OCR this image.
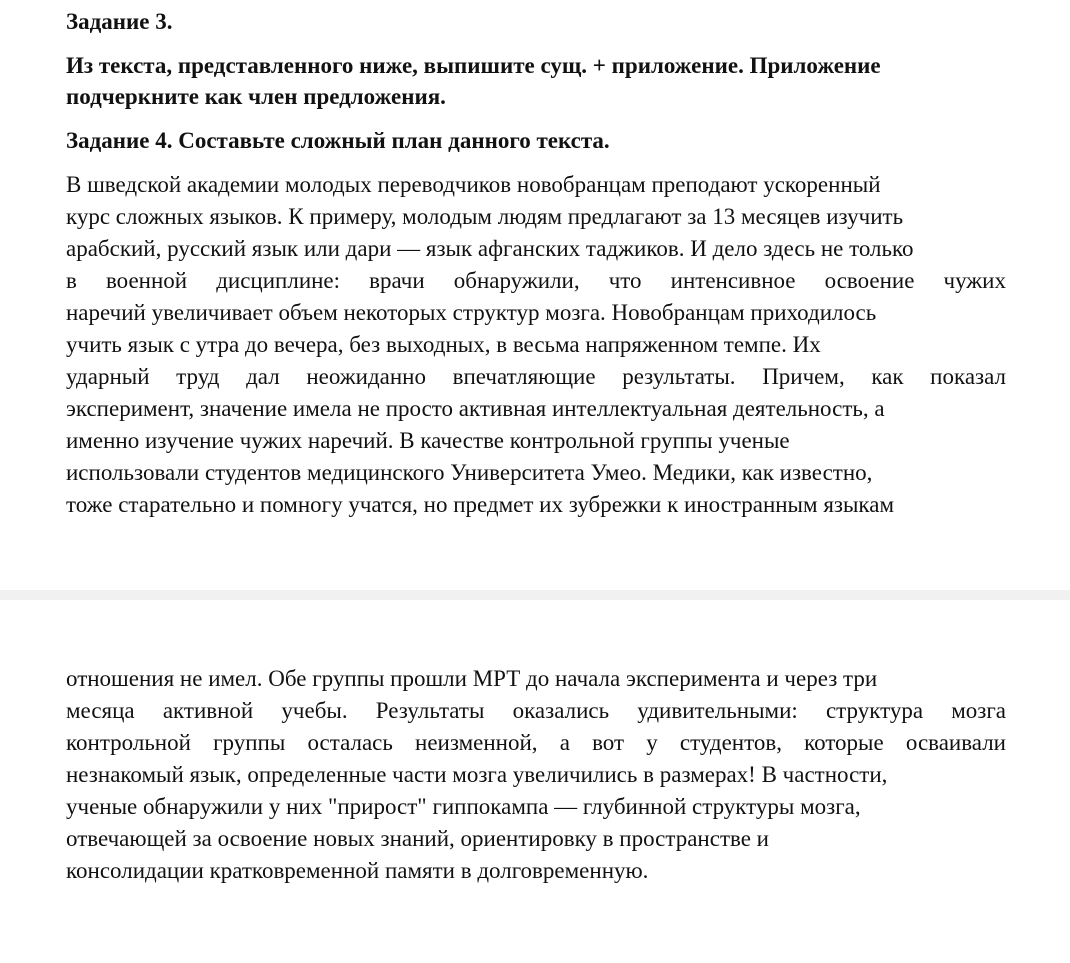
Задание 3.

Из текста, представленного ниже, выпишите сущ. + приложение. Приложение
подчеркните как член предложения.

Задание 4. Составьте сложный план данного текста.

В шведской академии молодых переводчиков новобранцам преподают ускоренный
курс сложных языков. К примеру, молодым людям предлагают за 13 месяцев изучить
арабский, русский язык или дари — язык афганских таджиков. И дело здесь не только
в военной дисциплине: врачи обнаружили, что интенсивное освоение чужих
наречий увеличивает объем некоторых структур мозга. Новобранцам приходилось
учить язык с утра до вечера, без выходных, в весьма напряженном темпе. Их
ударный труд дал неожиданно впечатляющие результаты. Причем, как показал
эксперимент, значение имела не просто активная интеллектуальная деятельность, а
именно изучение чужих наречий. В качестве контрольной группы ученые
использовали студентов медицинского Университета Умео. Медики, как известно,
тоже старательно и помногу учатся, но предмет их зубрежки к иностранным языкам
отношения не имел. Обе группы прошли МРТ до начала эксперимента и через три
месяца активной учебы. Результаты оказались удивительными: структура мозга
контрольной группы осталась неизменной, а вот у студентов, которые осваивали
незнакомый язык, определенные части мозга увеличились в размерах! В частности,
ученые обнаружили у них "прирост" гиппокампа — глубинной структуры мозга,
отвечающей за освоение новых знаний, ориентировку в пространстве и
консолидации кратковременной памяти в долговременную.
